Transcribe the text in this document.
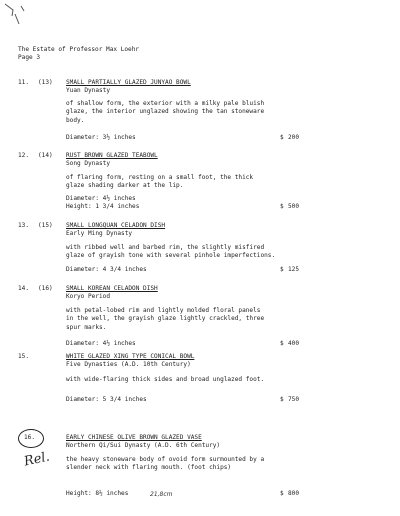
The Estate of Professor Max Loehr
Page 3
11. (13) SMALL PARTIALLY GLAZED JUNYAO BOWL
Yuan Dynasty
of shallow form, the exterior with a milky pale bluish
glaze, the interior unglazed showing the tan stoneware
body.
Diameter: 3½ inches	$ 200
12. (14) RUST BROWN GLAZED TEABOWL
Song Dynasty
of flaring form, resting on a small foot, the thick
glaze shading darker at the lip.
Diameter: 4½ inches
Height: 1 3/4 inches	$ 500
13. (15) SMALL LONGQUAN CELADON DISH
Early Ming Dynasty
with ribbed well and barbed rim, the slightly misfired
glaze of grayish tone with several pinhole imperfections.
Diameter: 4 3/4 inches	$ 125
14. (16) SMALL KOREAN CELADON DISH
Koryo Period
with petal-lobed rim and lightly molded floral panels
in the well, the grayish glaze lightly crackled, three
spur marks.
Diameter: 4½ inches	$ 400
15.	WHITE GLAZED XING TYPE CONICAL BOWL
Five Dynasties (A.D. 10th Century)
with wide-flaring thick sides and broad unglazed foot.
Diameter: 5 3/4 inches	$ 750
16.	EARLY CHINESE OLIVE BROWN GLAZED VASE
Northern Qi/Sui Dynasty (A.D. 6th Century)
the heavy stoneware body of ovoid form surmounted by a
slender neck with flaring mouth. (foot chips)
Height: 8½ inches	$ 800
Rel.
21,8cm
